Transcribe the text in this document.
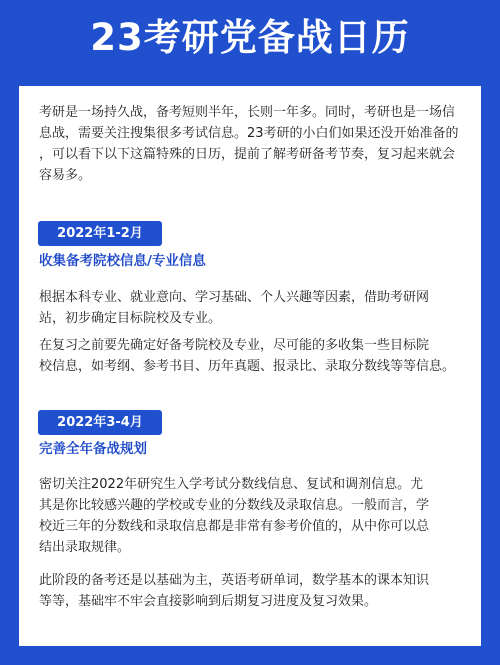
23考研党备战日历

考研是一场持久战，备考短则半年，长则一年多。同时，考研也是一场信
息战，需要关注搜集很多考试信息。23考研的小白们如果还没开始准备的
，可以看下以下这篇特殊的日历，提前了解考研备考节奏，复习起来就会
容易多。

2022年1-2月
收集备考院校信息/专业信息

根据本科专业、就业意向、学习基础、个人兴趣等因素，借助考研网
站，初步确定目标院校及专业。

在复习之前要先确定好备考院校及专业，尽可能的多收集一些目标院
校信息，如考纲、参考书目、历年真题、报录比、录取分数线等等信息。

2022年3-4月
完善全年备战规划

密切关注2022年研究生入学考试分数线信息、复试和调剂信息。尤
其是你比较感兴趣的学校或专业的分数线及录取信息。一般而言，学
校近三年的分数线和录取信息都是非常有参考价值的，从中你可以总
结出录取规律。

此阶段的备考还是以基础为主，英语考研单词，数学基本的课本知识
等等，基础牢不牢会直接影响到后期复习进度及复习效果。
